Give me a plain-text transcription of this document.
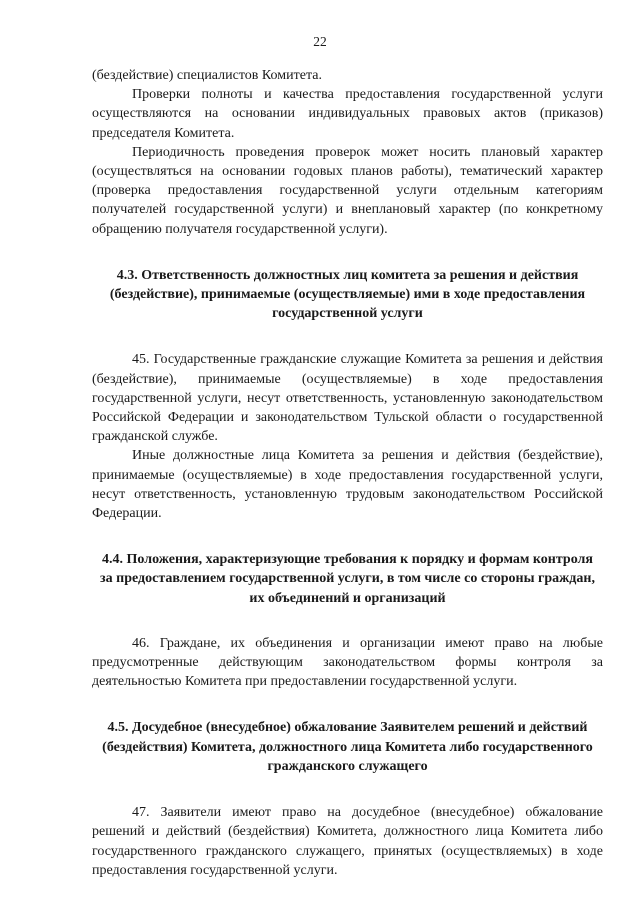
22

(бездействие) специалистов Комитета.

Проверки полноты и качества предоставления государственной услуги осуществляются на основании индивидуальных правовых актов (приказов) председателя Комитета.

Периодичность проведения проверок может носить плановый характер (осуществляться на основании годовых планов работы), тематический характер (проверка предоставления государственной услуги отдельным категориям получателей государственной услуги) и внеплановый характер (по конкретному обращению получателя государственной услуги).

4.3. Ответственность должностных лиц комитета за решения и действия (бездействие), принимаемые (осуществляемые) ими в ходе предоставления государственной услуги

45. Государственные гражданские служащие Комитета за решения и действия (бездействие), принимаемые (осуществляемые) в ходе предоставления государственной услуги, несут ответственность, установленную законодательством Российской Федерации и законодательством Тульской области о государственной гражданской службе.

Иные должностные лица Комитета за решения и действия (бездействие), принимаемые (осуществляемые) в ходе предоставления государственной услуги, несут ответственность, установленную трудовым законодательством Российской Федерации.

4.4. Положения, характеризующие требования к порядку и формам контроля за предоставлением государственной услуги, в том числе со стороны граждан, их объединений и организаций

46. Граждане, их объединения и организации имеют право на любые предусмотренные действующим законодательством формы контроля за деятельностью Комитета при предоставлении государственной услуги.

4.5. Досудебное (внесудебное) обжалование Заявителем решений и действий (бездействия) Комитета, должностного лица Комитета либо государственного гражданского служащего

47. Заявители имеют право на досудебное (внесудебное) обжалование решений и действий (бездействия) Комитета, должностного лица Комитета либо государственного гражданского служащего, принятых (осуществляемых) в ходе предоставления государственной услуги.
